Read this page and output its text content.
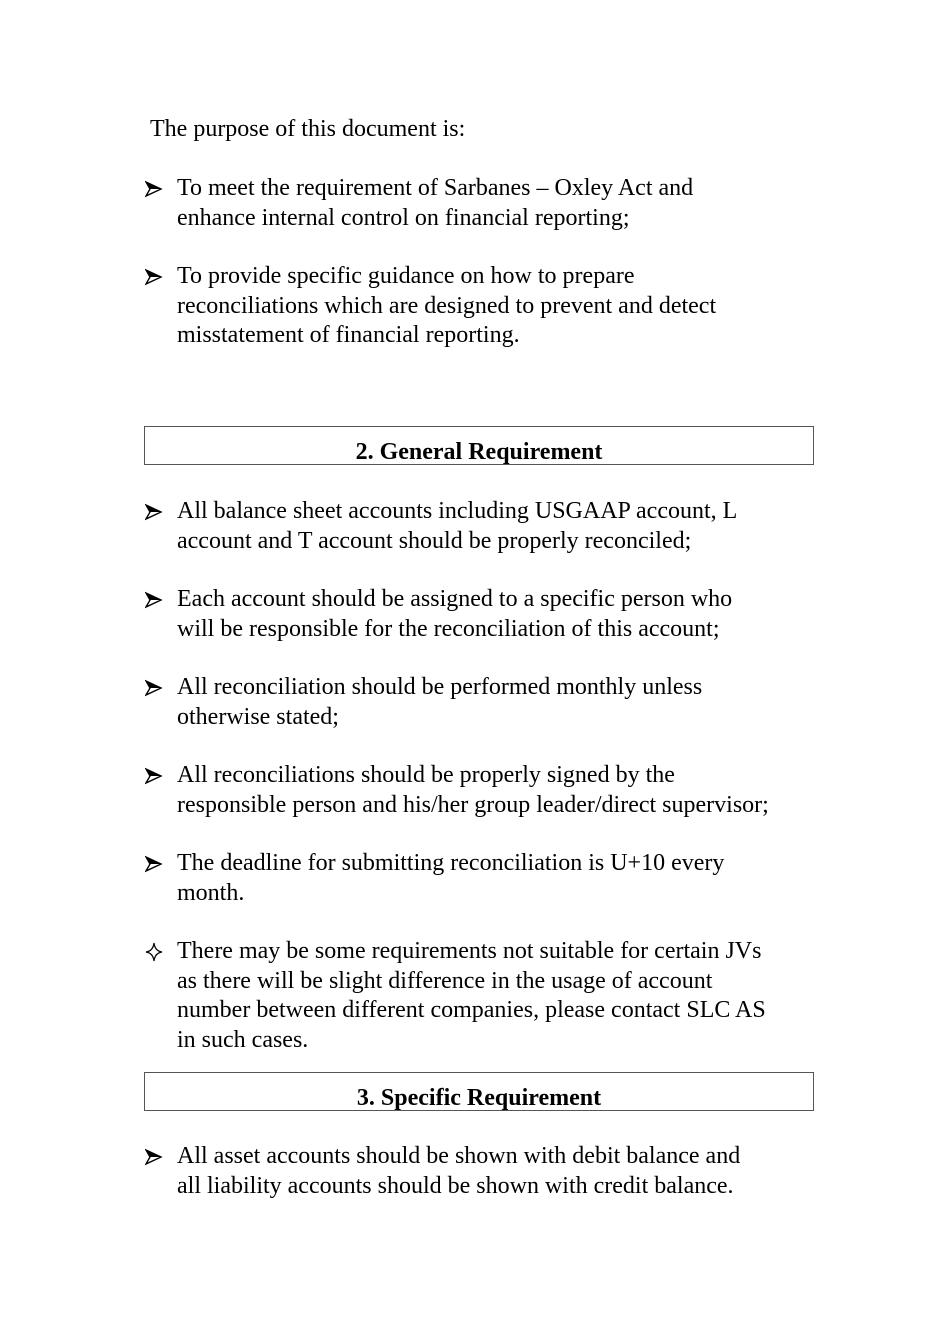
The purpose of this document is:
To meet the requirement of Sarbanes – Oxley Act and
enhance internal control on financial reporting;
To provide specific guidance on how to prepare
reconciliations which are designed to prevent and detect
misstatement of financial reporting.
2. General Requirement
All balance sheet accounts including USGAAP account, L
account and T account should be properly reconciled;
Each account should be assigned to a specific person who
will be responsible for the reconciliation of this account;
All reconciliation should be performed monthly unless
otherwise stated;
All reconciliations should be properly signed by the
responsible person and his/her group leader/direct supervisor;
The deadline for submitting reconciliation is U+10 every
month.
There may be some requirements not suitable for certain JVs
as there will be slight difference in the usage of account
number between different companies, please contact SLC AS
in such cases.
3. Specific Requirement
All asset accounts should be shown with debit balance and
all liability accounts should be shown with credit balance.
